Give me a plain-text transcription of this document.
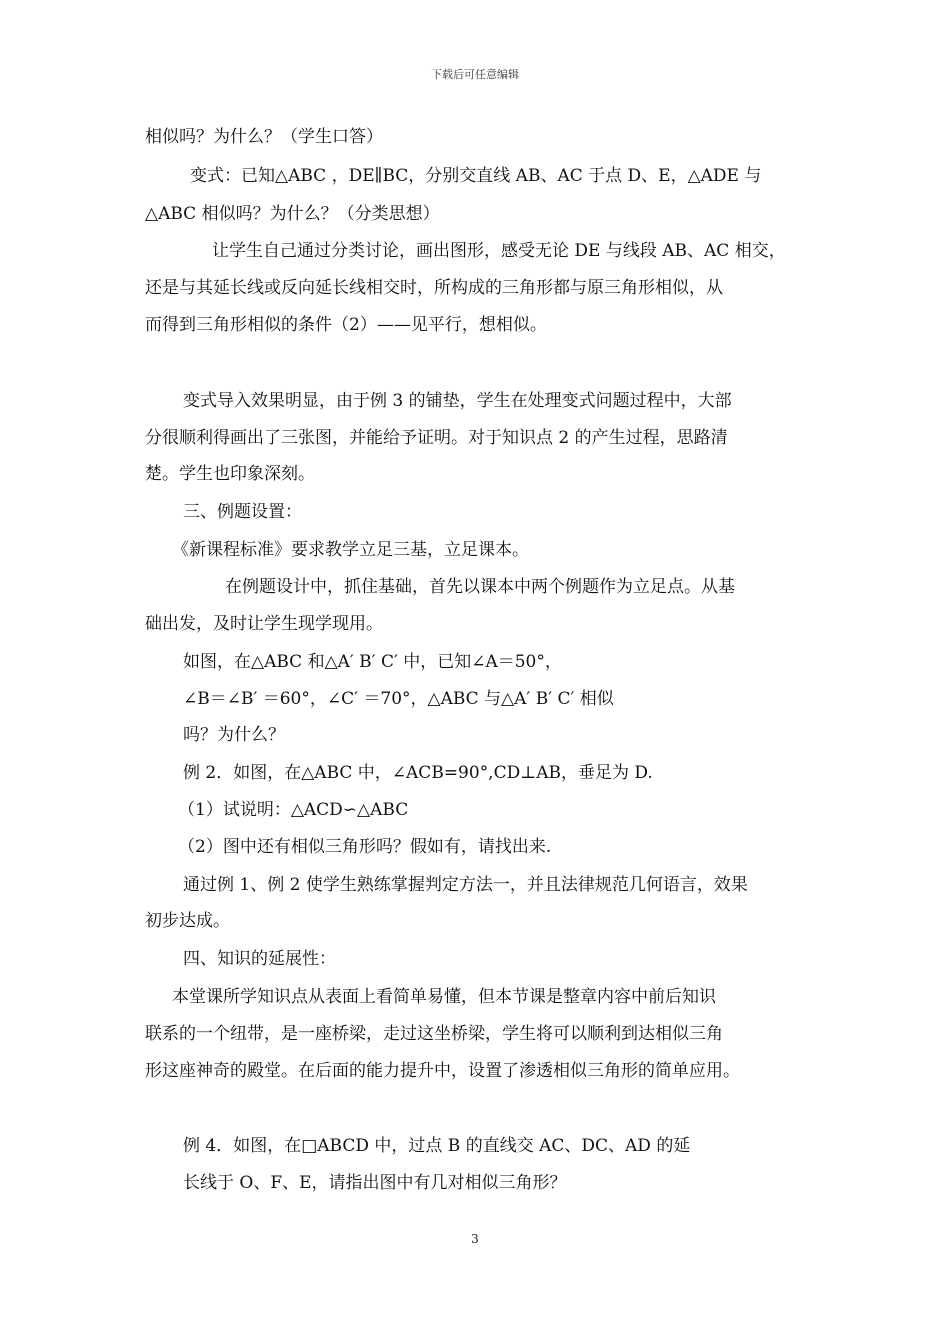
下载后可任意编辑
相似吗？为什么？（学生口答）
变式：已知△ABC ，DE∥BC，分别交直线 AB、AC 于点 D、E，△ADE 与
△ABC 相似吗？为什么？（分类思想）
让学生自己通过分类讨论，画出图形，感受无论 DE 与线段 AB、AC 相交，
还是与其延长线或反向延长线相交时，所构成的三角形都与原三角形相似，从
而得到三角形相似的条件（2）——见平行，想相似。
变式导入效果明显，由于例 3 的铺垫，学生在处理变式问题过程中，大部
分很顺利得画出了三张图，并能给予证明。对于知识点 2 的产生过程，思路清
楚。学生也印象深刻。
三、例题设置：
《新课程标准》要求教学立足三基，立足课本。
在例题设计中，抓住基础，首先以课本中两个例题作为立足点。从基
础出发，及时让学生现学现用。
如图，在△ABC 和△A′ B′ C′ 中，已知∠A＝50°，
∠B＝∠B′ ＝60°，∠C′ ＝70°，△ABC 与△A′ B′ C′ 相似
吗？为什么？
例 2．如图，在△ABC 中，∠ACB=90°,CD⊥AB，垂足为 D.
（1）试说明：△ACD∽△ABC
（2）图中还有相似三角形吗？假如有，请找出来.
通过例 1、例 2 使学生熟练掌握判定方法一，并且法律规范几何语言，效果
初步达成。
四、知识的延展性：
本堂课所学知识点从表面上看简单易懂，但本节课是整章内容中前后知识
联系的一个纽带，是一座桥梁，走过这坐桥梁，学生将可以顺利到达相似三角
形这座神奇的殿堂。在后面的能力提升中，设置了渗透相似三角形的简单应用。
例 4．如图，在□ABCD 中，过点 B 的直线交 AC、DC、AD 的延
长线于 O、F、E，请指出图中有几对相似三角形？
3
